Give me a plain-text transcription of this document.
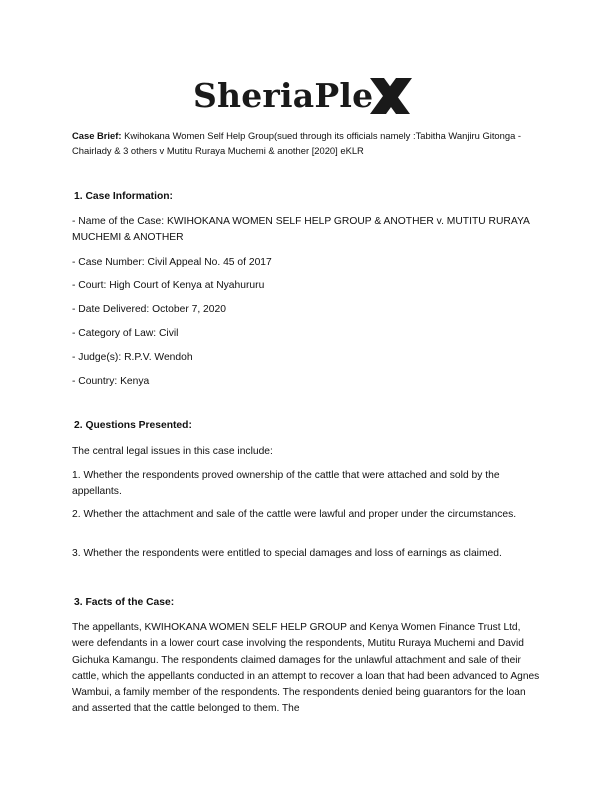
SheriaPle
Case Brief: Kwihokana Women Self Help Group(sued through its officials namely :Tabitha Wanjiru Gitonga - Chairlady & 3 others v Mutitu Ruraya Muchemi & another [2020] eKLR
1. Case Information:
- Name of the Case: KWIHOKANA WOMEN SELF HELP GROUP & ANOTHER v. MUTITU RURAYA MUCHEMI & ANOTHER
- Case Number: Civil Appeal No. 45 of 2017
- Court: High Court of Kenya at Nyahururu
- Date Delivered: October 7, 2020
- Category of Law: Civil
- Judge(s): R.P.V. Wendoh
- Country: Kenya
2. Questions Presented:
The central legal issues in this case include:
1. Whether the respondents proved ownership of the cattle that were attached and sold by the appellants.
2. Whether the attachment and sale of the cattle were lawful and proper under the circumstances.
3. Whether the respondents were entitled to special damages and loss of earnings as claimed.
3. Facts of the Case:
The appellants, KWIHOKANA WOMEN SELF HELP GROUP and Kenya Women Finance Trust Ltd, were defendants in a lower court case involving the respondents, Mutitu Ruraya Muchemi and David Gichuka Kamangu. The respondents claimed damages for the unlawful attachment and sale of their cattle, which the appellants conducted in an attempt to recover a loan that had been advanced to Agnes Wambui, a family member of the respondents. The respondents denied being guarantors for the loan and asserted that the cattle belonged to them. The
